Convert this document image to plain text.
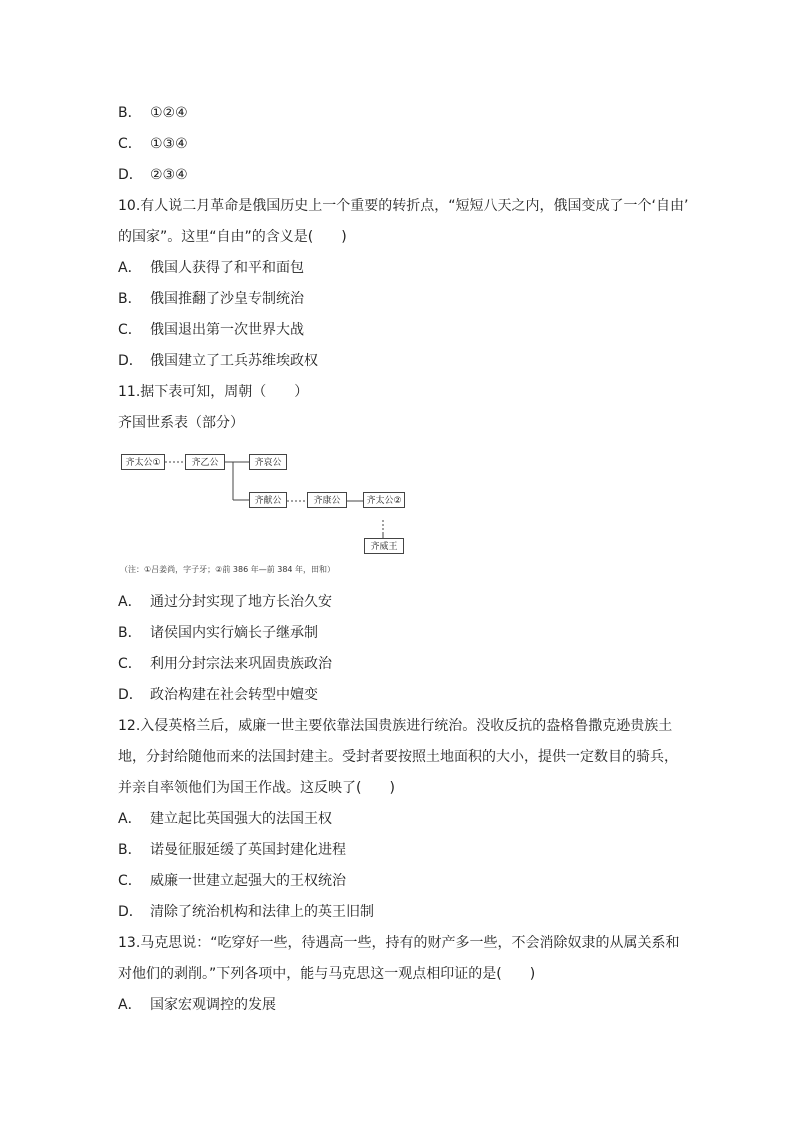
B． ①②④
C． ①③④
D． ②③④
10.有人说二月革命是俄国历史上一个重要的转折点，“短短八天之内，俄国变成了一个‘自由’
的国家”。这里“自由”的含义是(　　)
A． 俄国人获得了和平和面包
B． 俄国推翻了沙皇专制统治
C． 俄国退出第一次世界大战
D． 俄国建立了工兵苏维埃政权
11.据下表可知，周朝（　　）
齐国世系表（部分）
齐太公①	齐乙公	齐哀公
齐献公	齐康公	齐太公②
齐威王
（注：①吕姜尚，字子牙；②前 386 年—前 384 年，田和）
A． 通过分封实现了地方长治久安
B． 诸侯国内实行嫡长子继承制
C． 利用分封宗法来巩固贵族政治
D． 政治构建在社会转型中嬗变
12.入侵英格兰后，威廉一世主要依靠法国贵族进行统治。没收反抗的盎格鲁撒克逊贵族土
地，分封给随他而来的法国封建主。受封者要按照土地面积的大小，提供一定数目的骑兵，
并亲自率领他们为国王作战。这反映了(　　)
A． 建立起比英国强大的法国王权
B． 诺曼征服延缓了英国封建化进程
C． 威廉一世建立起强大的王权统治
D． 清除了统治机构和法律上的英王旧制
13.马克思说：“吃穿好一些，待遇高一些，持有的财产多一些，不会消除奴隶的从属关系和
对他们的剥削。”下列各项中，能与马克思这一观点相印证的是(　　)
A． 国家宏观调控的发展
